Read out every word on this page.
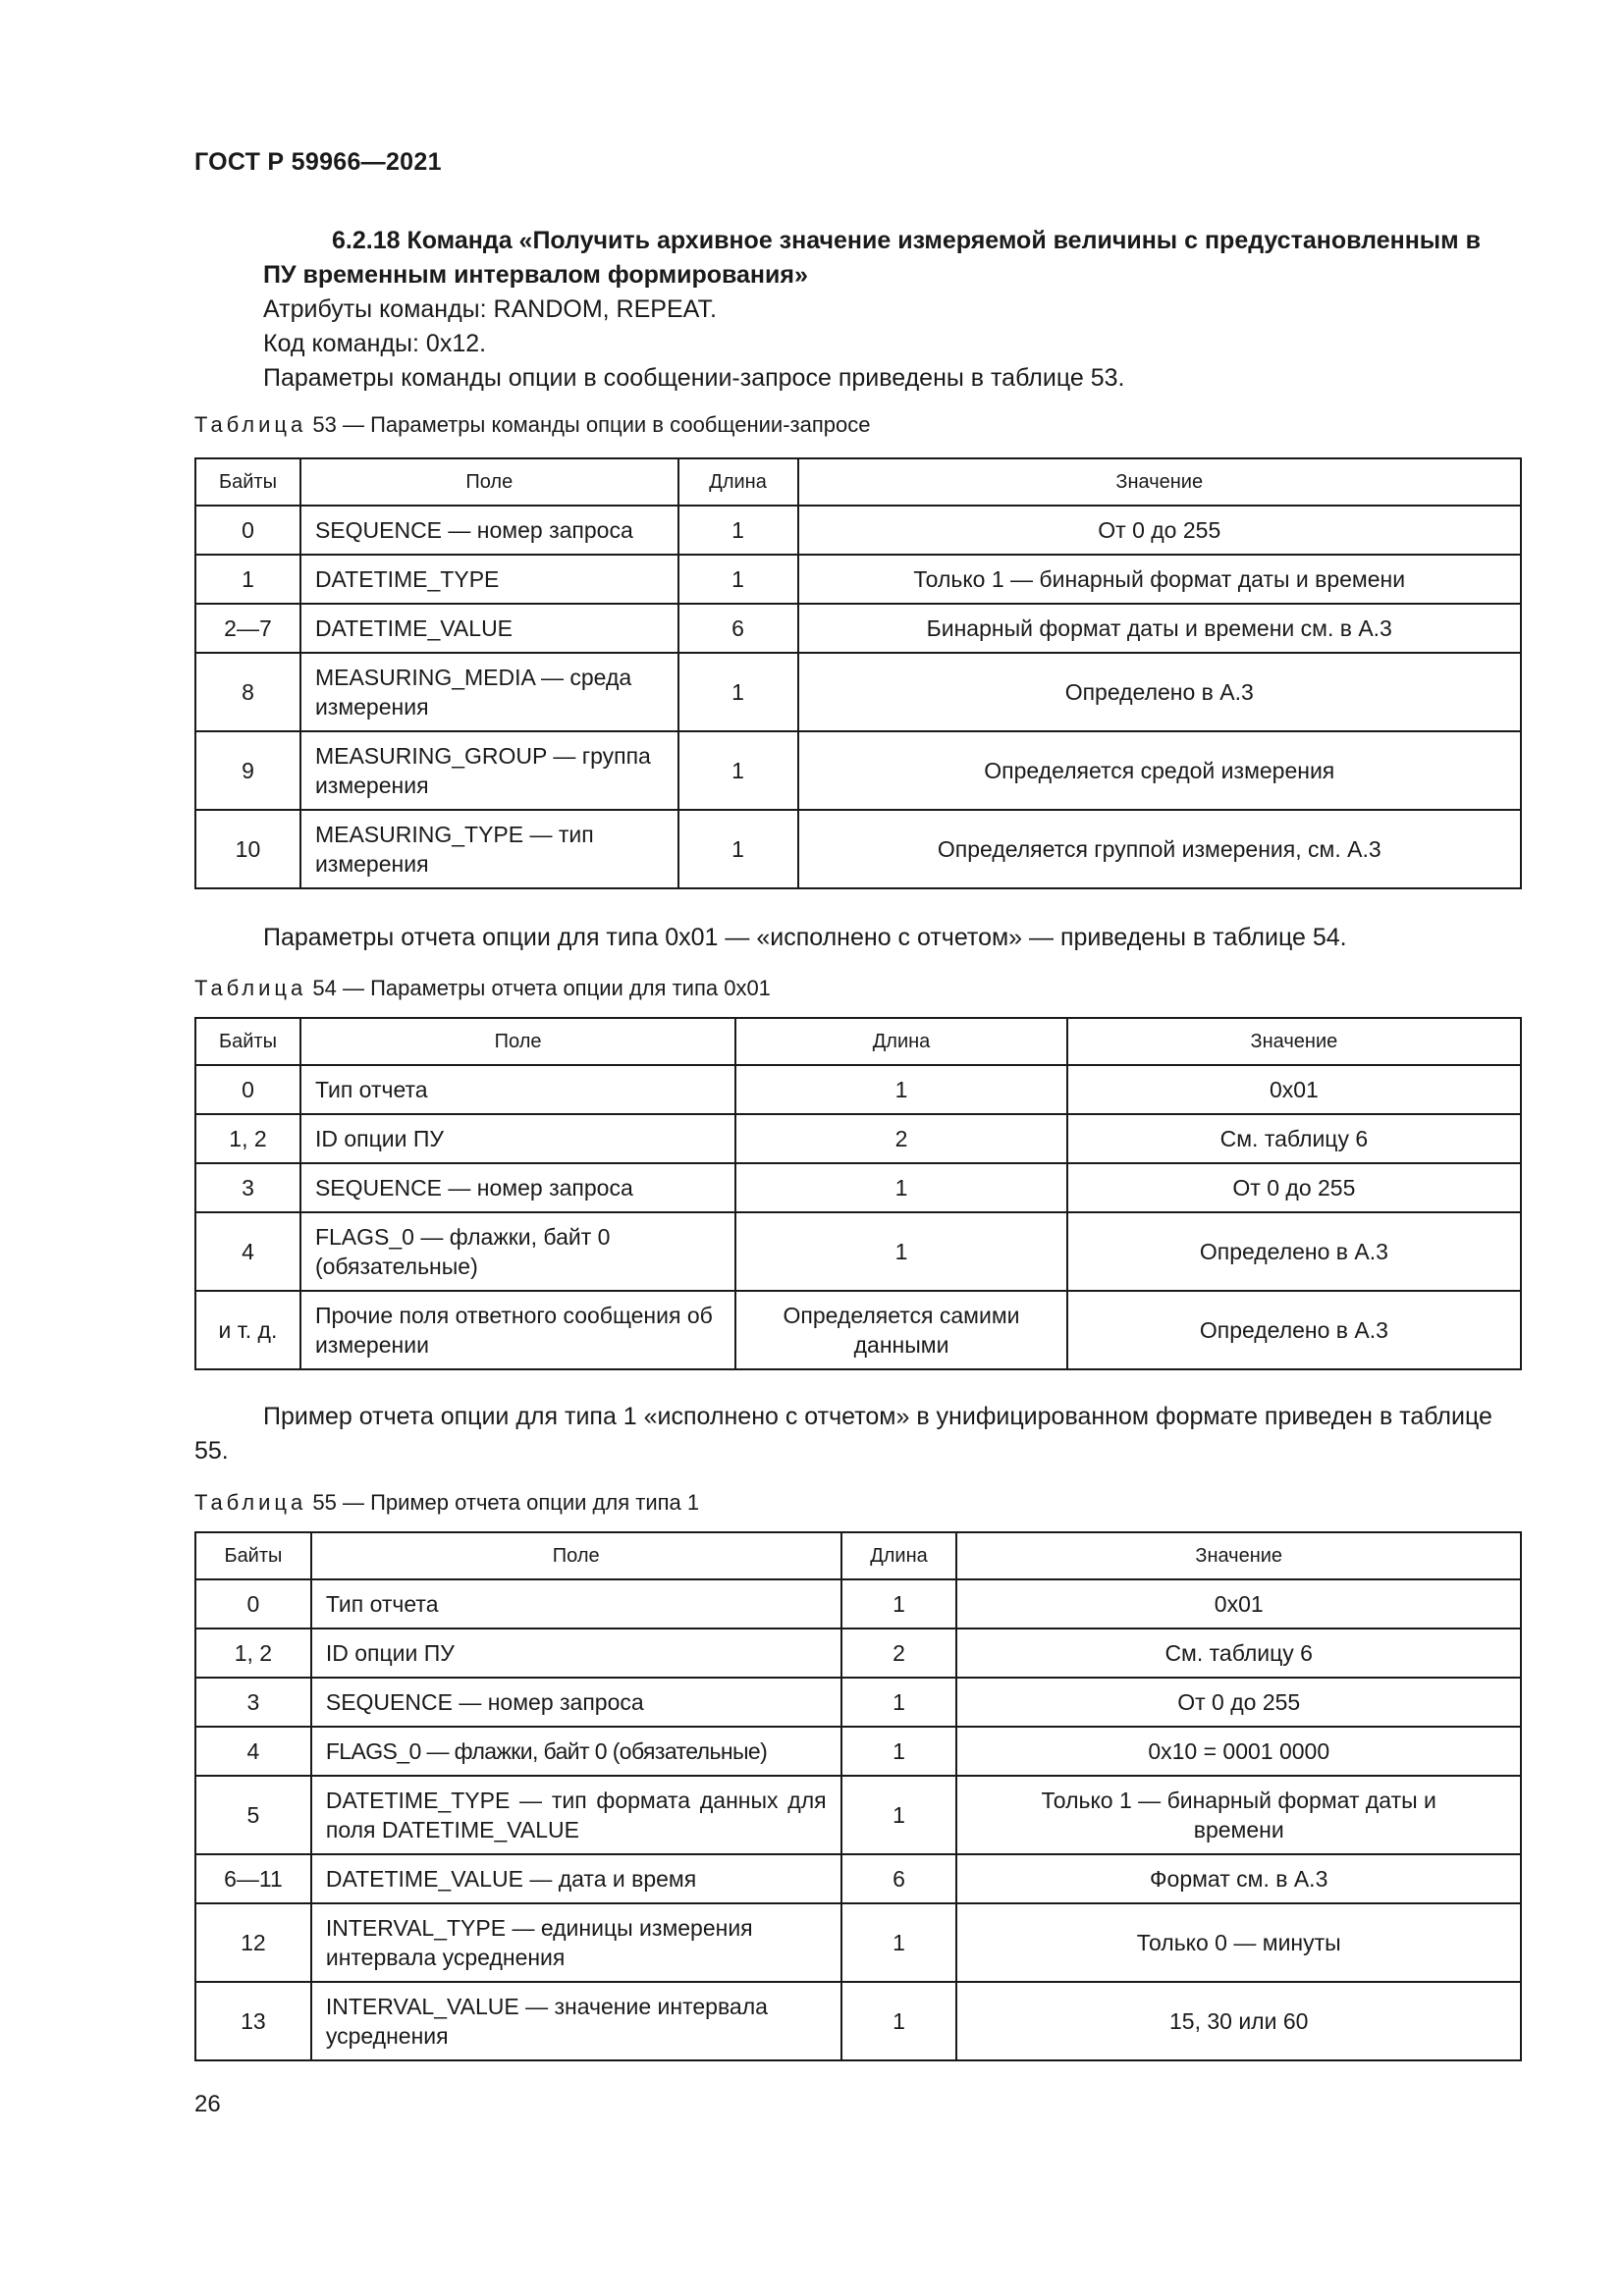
ГОСТ Р 59966—2021

6.2.18 Команда «Получить архивное значение измеряемой величины с предустановленным в ПУ временным интервалом формирования»

Атрибуты команды: RANDOM, REPEAT.

Код команды: 0x12.

Параметры команды опции в сообщении-запросе приведены в таблице 53.

Таблица 53 — Параметры команды опции в сообщении-запросе
Байты	Поле	Длина	Значение
0	SEQUENCE — номер запроса	1	От 0 до 255
1	DATETIME_TYPE	1	Только 1 — бинарный формат даты и времени
2—7	DATETIME_VALUE	6	Бинарный формат даты и времени см. в А.3
8	MEASURING_MEDIA — среда измерения	1	Определено в А.3
9	MEASURING_GROUP — группа измерения	1	Определяется средой измерения
10	MEASURING_TYPE — тип измерения	1	Определяется группой измерения, см. А.3

Параметры отчета опции для типа 0x01 — «исполнено с отчетом» — приведены в таблице 54.

Таблица 54 — Параметры отчета опции для типа 0x01
Байты	Поле	Длина	Значение
0	Тип отчета	1	0x01
1, 2	ID опции ПУ	2	См. таблицу 6
3	SEQUENCE — номер запроса	1	От 0 до 255
4	FLAGS_0 — флажки, байт 0 (обязательные)	1	Определено в А.3
и т. д.	Прочие поля ответного сообщения об измерении	Определяется самими данными	Определено в А.3

Пример отчета опции для типа 1 «исполнено с отчетом» в унифицированном формате приведен в таблице 55.

Таблица 55 — Пример отчета опции для типа 1
Байты	Поле	Длина	Значение
0	Тип отчета	1	0x01
1, 2	ID опции ПУ	2	См. таблицу 6
3	SEQUENCE — номер запроса	1	От 0 до 255
4	FLAGS_0 — флажки, байт 0 (обязательные)	1	0x10 = 0001 0000
5	DATETIME_TYPE — тип формата данных для поля DATETIME_VALUE	1	Только 1 — бинарный формат даты и времени
6—11	DATETIME_VALUE — дата и время	6	Формат см. в А.3
12	INTERVAL_TYPE — единицы измерения интервала усреднения	1	Только 0 — минуты
13	INTERVAL_VALUE — значение интервала усреднения	1	15, 30 или 60
26
